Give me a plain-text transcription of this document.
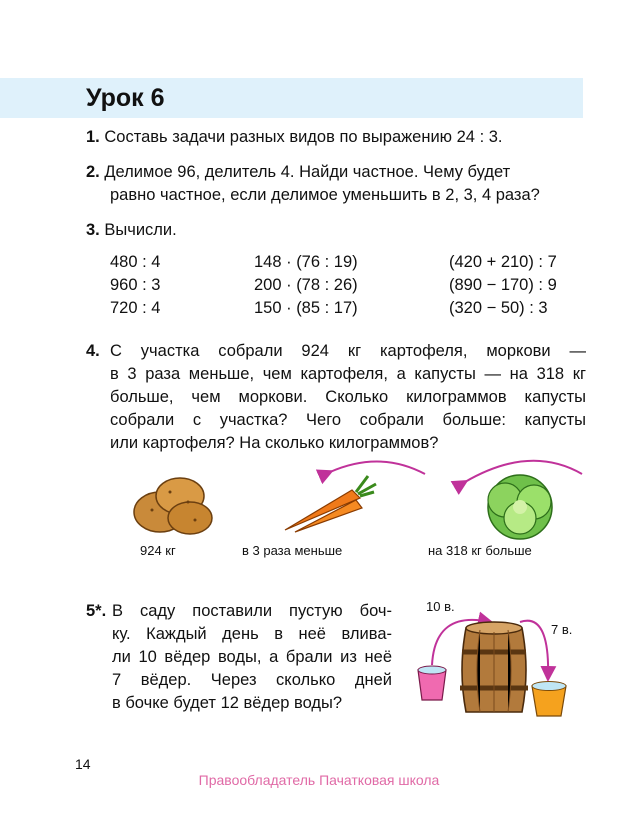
Урок 6
1. Составь задачи разных видов по выражению 24 : 3.
2. Делимое 96, делитель 4. Найди частное. Чему будет
равно частное, если делимое уменьшить в 2, 3, 4 раза?
3. Вычисли.
480 : 4
960 : 3
720 : 4
148 · (76 : 19)
200 · (78 : 26)
150 · (85 : 17)
(420 + 210) : 7
(890 − 170) : 9
(320 − 50) : 3
4. С участка собрали 924 кг картофеля, моркови —
в 3 раза меньше, чем картофеля, а капусты — на 318 кг
больше, чем моркови. Сколько килограммов капусты
собрали с участка? Чего собрали больше: капусты
или картофеля? На сколько килограммов?
924 кг	в 3 раза меньше	на 318 кг больше
5*. В саду поставили пустую боч-
ку. Каждый день в неё влива-
ли 10 вёдер воды, а брали из неё
7 вёдер. Через сколько дней
в бочке будет 12 вёдер воды?
10 в.
7 в.
14
Правообладатель Пачатковая школа
